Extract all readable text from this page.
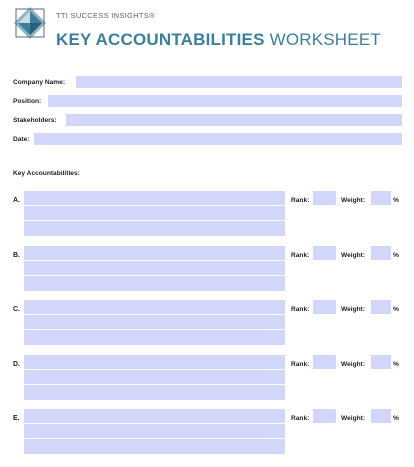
TTI SUCCESS INSIGHTS®
KEY ACCOUNTABILITIES WORKSHEET
Company Name:
Position:
Stakeholders:
Date:
Key Accountabilities:
A.	Rank:	Weight:	%
B.	Rank:	Weight:	%
C.	Rank:	Weight:	%
D.	Rank:	Weight:	%
E.	Rank:	Weight:	%
